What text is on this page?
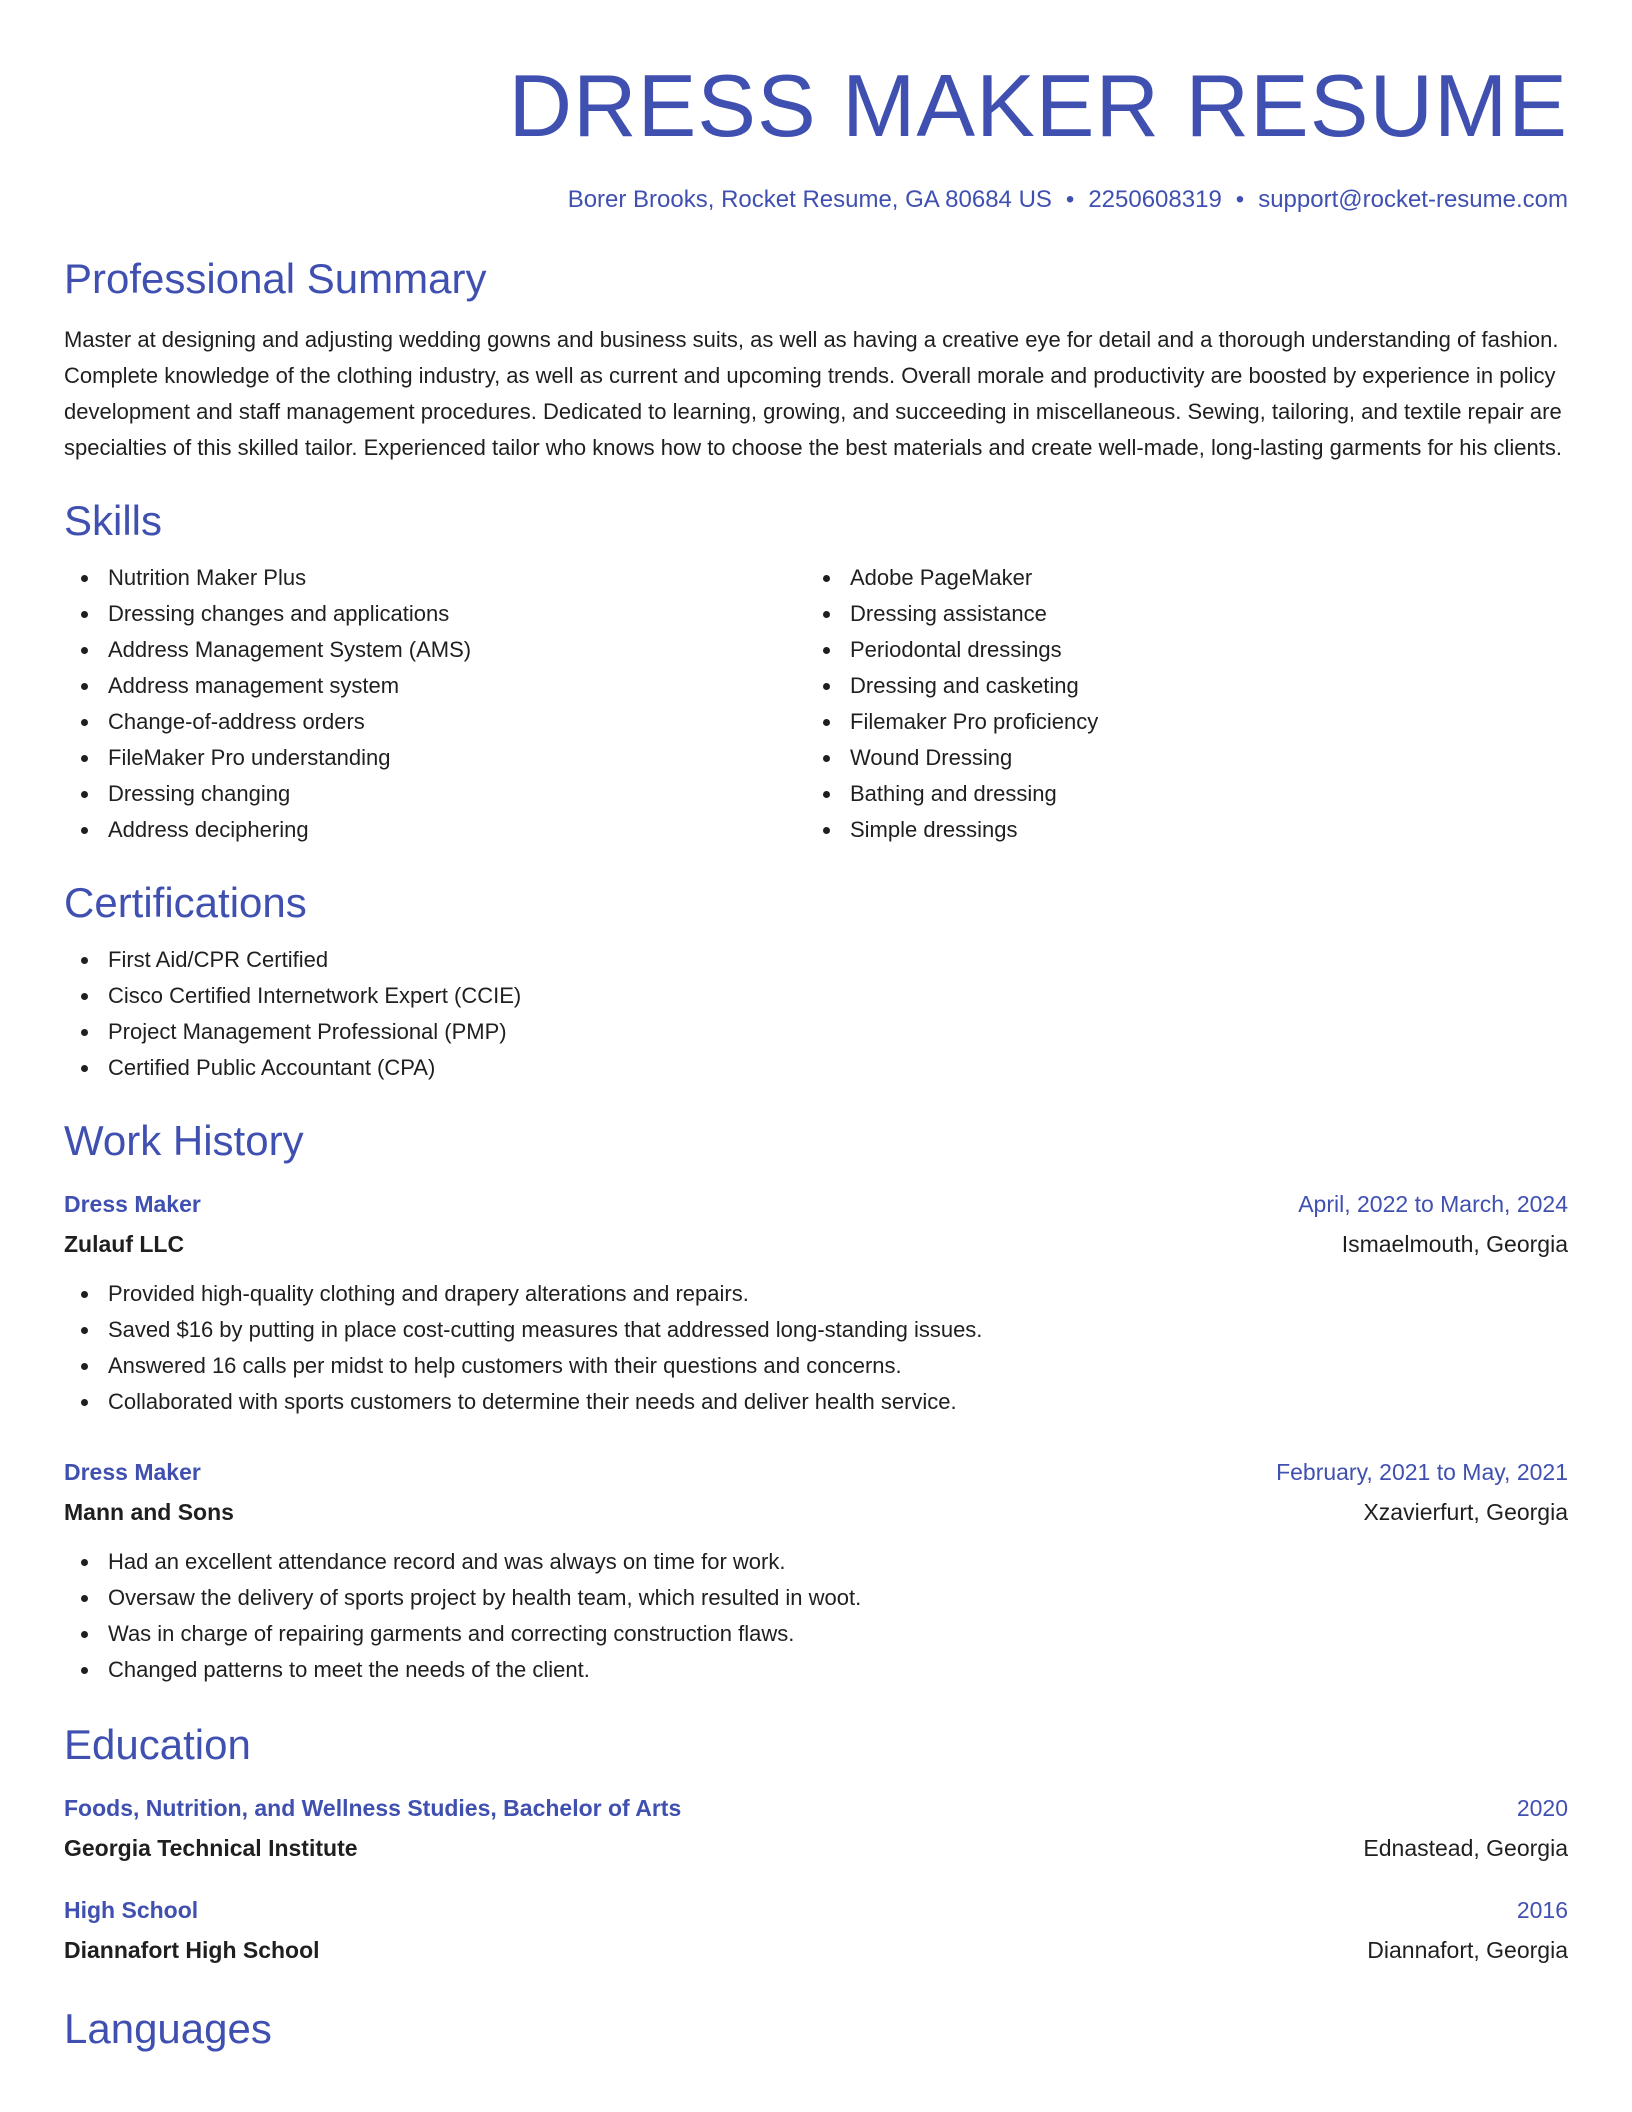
DRESS MAKER RESUME
Borer Brooks, Rocket Resume, GA 80684 US • 2250608319 • support@rocket-resume.com
Professional Summary

Master at designing and adjusting wedding gowns and business suits, as well as having a creative eye for detail and a thorough understanding of fashion. Complete knowledge of the clothing industry, as well as current and upcoming trends. Overall morale and productivity are boosted by experience in policy development and staff management procedures. Dedicated to learning, growing, and succeeding in miscellaneous. Sewing, tailoring, and textile repair are specialties of this skilled tailor. Experienced tailor who knows how to choose the best materials and create well-made, long-lasting garments for his clients.

Skills
Nutrition Maker Plus
Dressing changes and applications
Address Management System (AMS)
Address management system
Change-of-address orders
FileMaker Pro understanding
Dressing changing
Address deciphering
Adobe PageMaker
Dressing assistance
Periodontal dressings
Dressing and casketing
Filemaker Pro proficiency
Wound Dressing
Bathing and dressing
Simple dressings
Certifications
First Aid/CPR Certified
Cisco Certified Internetwork Expert (CCIE)
Project Management Professional (PMP)
Certified Public Accountant (CPA)
Work History
Dress Maker	April, 2022 to March, 2024
Zulauf LLC	Ismaelmouth, Georgia
Provided high-quality clothing and drapery alterations and repairs.
Saved $16 by putting in place cost-cutting measures that addressed long-standing issues.
Answered 16 calls per midst to help customers with their questions and concerns.
Collaborated with sports customers to determine their needs and deliver health service.
Dress Maker	February, 2021 to May, 2021
Mann and Sons	Xzavierfurt, Georgia
Had an excellent attendance record and was always on time for work.
Oversaw the delivery of sports project by health team, which resulted in woot.
Was in charge of repairing garments and correcting construction flaws.
Changed patterns to meet the needs of the client.
Education
Foods, Nutrition, and Wellness Studies, Bachelor of Arts	2020
Georgia Technical Institute	Ednastead, Georgia
High School	2016
Diannafort High School	Diannafort, Georgia
Languages
